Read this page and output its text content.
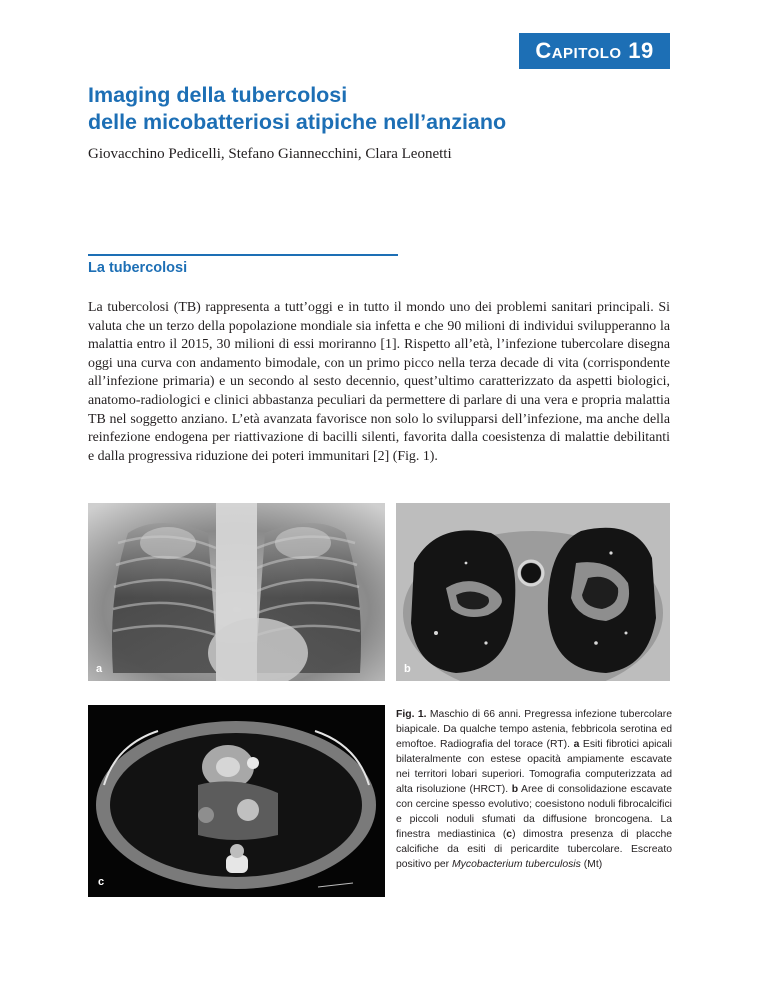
Capitolo 19
Imaging della tubercolosi
delle micobatteriosi atipiche nell’anziano
Giovacchino Pedicelli, Stefano Giannecchini, Clara Leonetti
La tubercolosi

La tubercolosi (TB) rappresenta a tutt’oggi e in tutto il mondo uno dei problemi sanitari principali. Si valuta che un terzo della popolazione mondiale sia infetta e che 90 milioni di individui svilupperanno la malattia entro il 2015, 30 milioni di essi moriranno [1]. Rispetto all’età, l’infezione tubercolare disegna oggi una curva con andamento bimodale, con un primo picco nella terza decade di vita (corrispondente all’infezione primaria) e un secondo al sesto decennio, quest’ultimo caratterizzato da aspetti biologici, anatomo-radiologici e clinici abbastanza peculiari da permettere di parlare di una vera e propria malattia TB nel soggetto anziano. L’età avanzata favorisce non solo lo svilupparsi dell’infezione, ma anche della reinfezione endogena per riattivazione di bacilli silenti, favorita dalla coesistenza di malattie debilitanti e dalla progressiva riduzione dei poteri immunitari [2] (Fig. 1).

a	b
c

Fig. 1. Maschio di 66 anni. Pregressa infezione tubercolare biapicale. Da qualche tempo astenia, febbricola serotina ed emoftoe. Radiografia del torace (RT). a Esiti fibrotici apicali bilateralmente con estese opacità ampiamente escavate nei territori lobari superiori. Tomografia computerizzata ad alta risoluzione (HRCT). b Aree di consolidazione escavate con cercine spesso evolutivo; coesistono noduli fibrocalcifici e piccoli noduli sfumati da diffusione broncogena. La finestra mediastinica (c) dimostra presenza di placche calcifiche da esiti di pericardite tubercolare. Escreato positivo per Mycobacterium tuberculosis (Mt)
